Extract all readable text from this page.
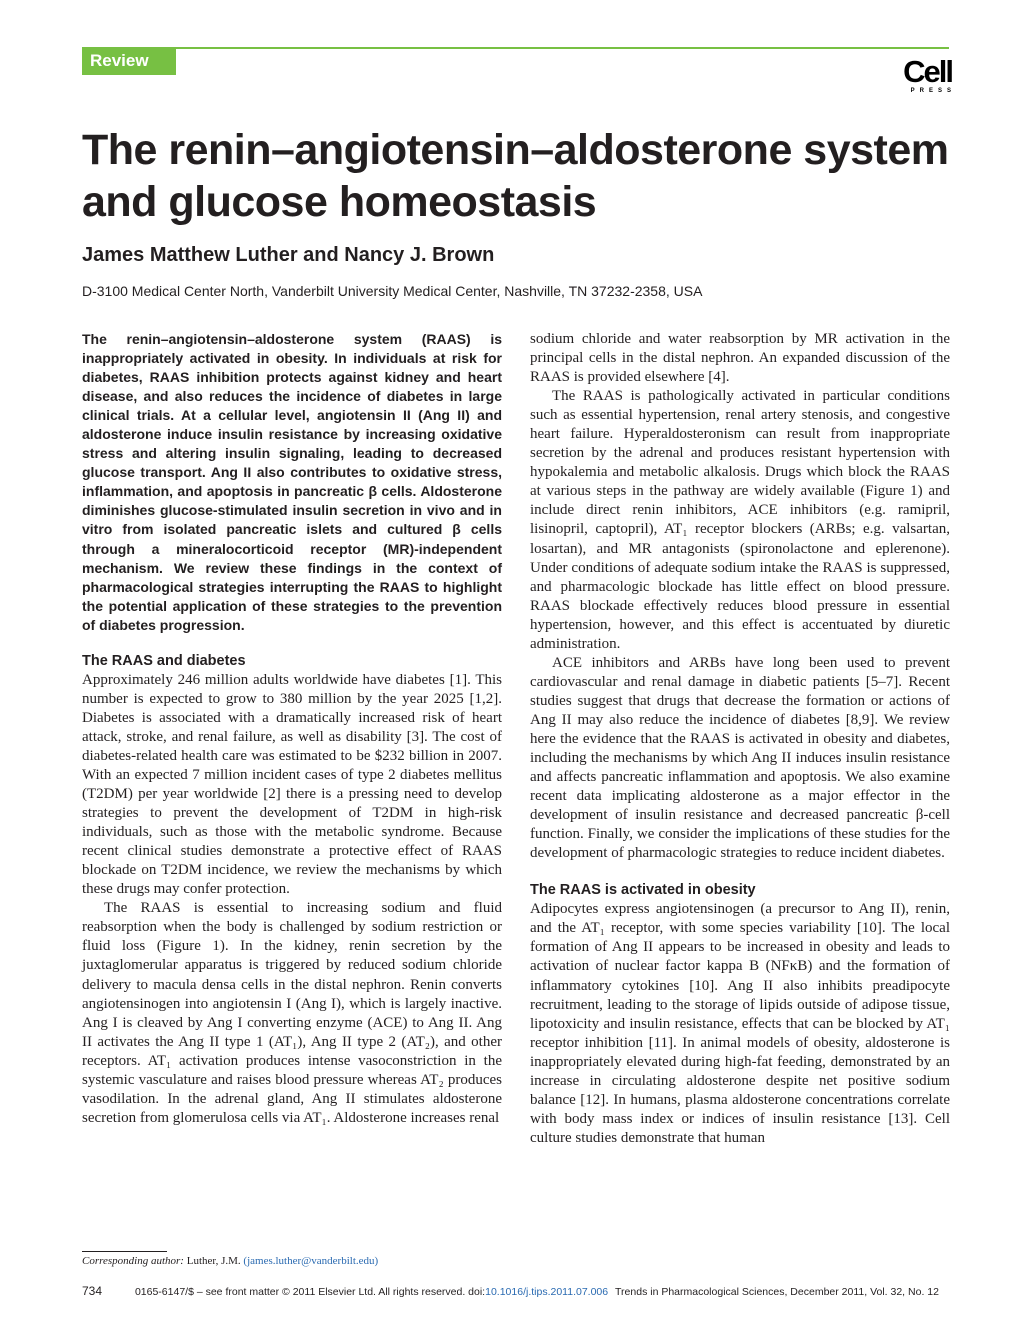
Review	Cell
PRESS
The renin–angiotensin–aldosterone system and glucose homeostasis
James Matthew Luther and Nancy J. Brown
D-3100 Medical Center North, Vanderbilt University Medical Center, Nashville, TN 37232-2358, USA

The renin–angiotensin–aldosterone system (RAAS) is inappropriately activated in obesity. In individuals at risk for diabetes, RAAS inhibition protects against kidney and heart disease, and also reduces the incidence of diabetes in large clinical trials. At a cellular level, angiotensin II (Ang II) and aldosterone induce insulin resistance by increasing oxidative stress and altering insulin signaling, leading to decreased glucose transport. Ang II also contributes to oxidative stress, inflammation, and apoptosis in pancreatic β cells. Aldosterone diminishes glucose-stimulated insulin secretion in vivo and in vitro from isolated pancreatic islets and cultured β cells through a mineralocorticoid receptor (MR)-independent mechanism. We review these findings in the context of pharmacological strategies interrupting the RAAS to highlight the potential application of these strategies to the prevention of diabetes progression.

The RAAS and diabetes

Approximately 246 million adults worldwide have diabetes [1]. This number is expected to grow to 380 million by the year 2025 [1,2]. Diabetes is associated with a dramatically increased risk of heart attack, stroke, and renal failure, as well as disability [3]. The cost of diabetes-related health care was estimated to be $232 billion in 2007. With an expected 7 million incident cases of type 2 diabetes mellitus (T2DM) per year worldwide [2] there is a pressing need to develop strategies to prevent the development of T2DM in high-risk individuals, such as those with the metabolic syndrome. Because recent clinical studies demonstrate a protective effect of RAAS blockade on T2DM incidence, we review the mechanisms by which these drugs may confer protection.

The RAAS is essential to increasing sodium and fluid reabsorption when the body is challenged by sodium restriction or fluid loss (Figure 1). In the kidney, renin secretion by the juxtaglomerular apparatus is triggered by reduced sodium chloride delivery to macula densa cells in the distal nephron. Renin converts angiotensinogen into angiotensin I (Ang I), which is largely inactive. Ang I is cleaved by Ang I converting enzyme (ACE) to Ang II. Ang II activates the Ang II type 1 (AT₁), Ang II type 2 (AT₂), and other receptors. AT₁ activation produces intense vasoconstriction in the systemic vasculature and raises blood pressure whereas AT₂ produces vasodilation. In the adrenal gland, Ang II stimulates aldosterone secretion from glomerulosa cells via AT₁. Aldosterone increases renal

sodium chloride and water reabsorption by MR activation in the principal cells in the distal nephron. An expanded discussion of the RAAS is provided elsewhere [4].

The RAAS is pathologically activated in particular conditions such as essential hypertension, renal artery stenosis, and congestive heart failure. Hyperaldosteronism can result from inappropriate secretion by the adrenal and produces resistant hypertension with hypokalemia and metabolic alkalosis. Drugs which block the RAAS at various steps in the pathway are widely available (Figure 1) and include direct renin inhibitors, ACE inhibitors (e.g. ramipril, lisinopril, captopril), AT₁ receptor blockers (ARBs; e.g. valsartan, losartan), and MR antagonists (spironolactone and eplerenone). Under conditions of adequate sodium intake the RAAS is suppressed, and pharmacologic blockade has little effect on blood pressure. RAAS blockade effectively reduces blood pressure in essential hypertension, however, and this effect is accentuated by diuretic administration.

ACE inhibitors and ARBs have long been used to prevent cardiovascular and renal damage in diabetic patients [5–7]. Recent studies suggest that drugs that decrease the formation or actions of Ang II may also reduce the incidence of diabetes [8,9]. We review here the evidence that the RAAS is activated in obesity and diabetes, including the mechanisms by which Ang II induces insulin resistance and affects pancreatic inflammation and apoptosis. We also examine recent data implicating aldosterone as a major effector in the development of insulin resistance and decreased pancreatic β-cell function. Finally, we consider the implications of these studies for the development of pharmacologic strategies to reduce incident diabetes.

The RAAS is activated in obesity

Adipocytes express angiotensinogen (a precursor to Ang II), renin, and the AT₁ receptor, with some species variability [10]. The local formation of Ang II appears to be increased in obesity and leads to activation of nuclear factor kappa B (NFκB) and the formation of inflammatory cytokines [10]. Ang II also inhibits preadipocyte recruitment, leading to the storage of lipids outside of adipose tissue, lipotoxicity and insulin resistance, effects that can be blocked by AT₁ receptor inhibition [11]. In animal models of obesity, aldosterone is inappropriately elevated during high-fat feeding, demonstrated by an increase in circulating aldosterone despite net positive sodium balance [12]. In humans, plasma aldosterone concentrations correlate with body mass index or indices of insulin resistance [13]. Cell culture studies demonstrate that human

Corresponding author: Luther, J.M. (james.luther@vanderbilt.edu)
734	0165-6147/$ – see front matter © 2011 Elsevier Ltd. All rights reserved. doi:10.1016/j.tips.2011.07.006 Trends in Pharmacological Sciences, December 2011, Vol. 32, No. 12
